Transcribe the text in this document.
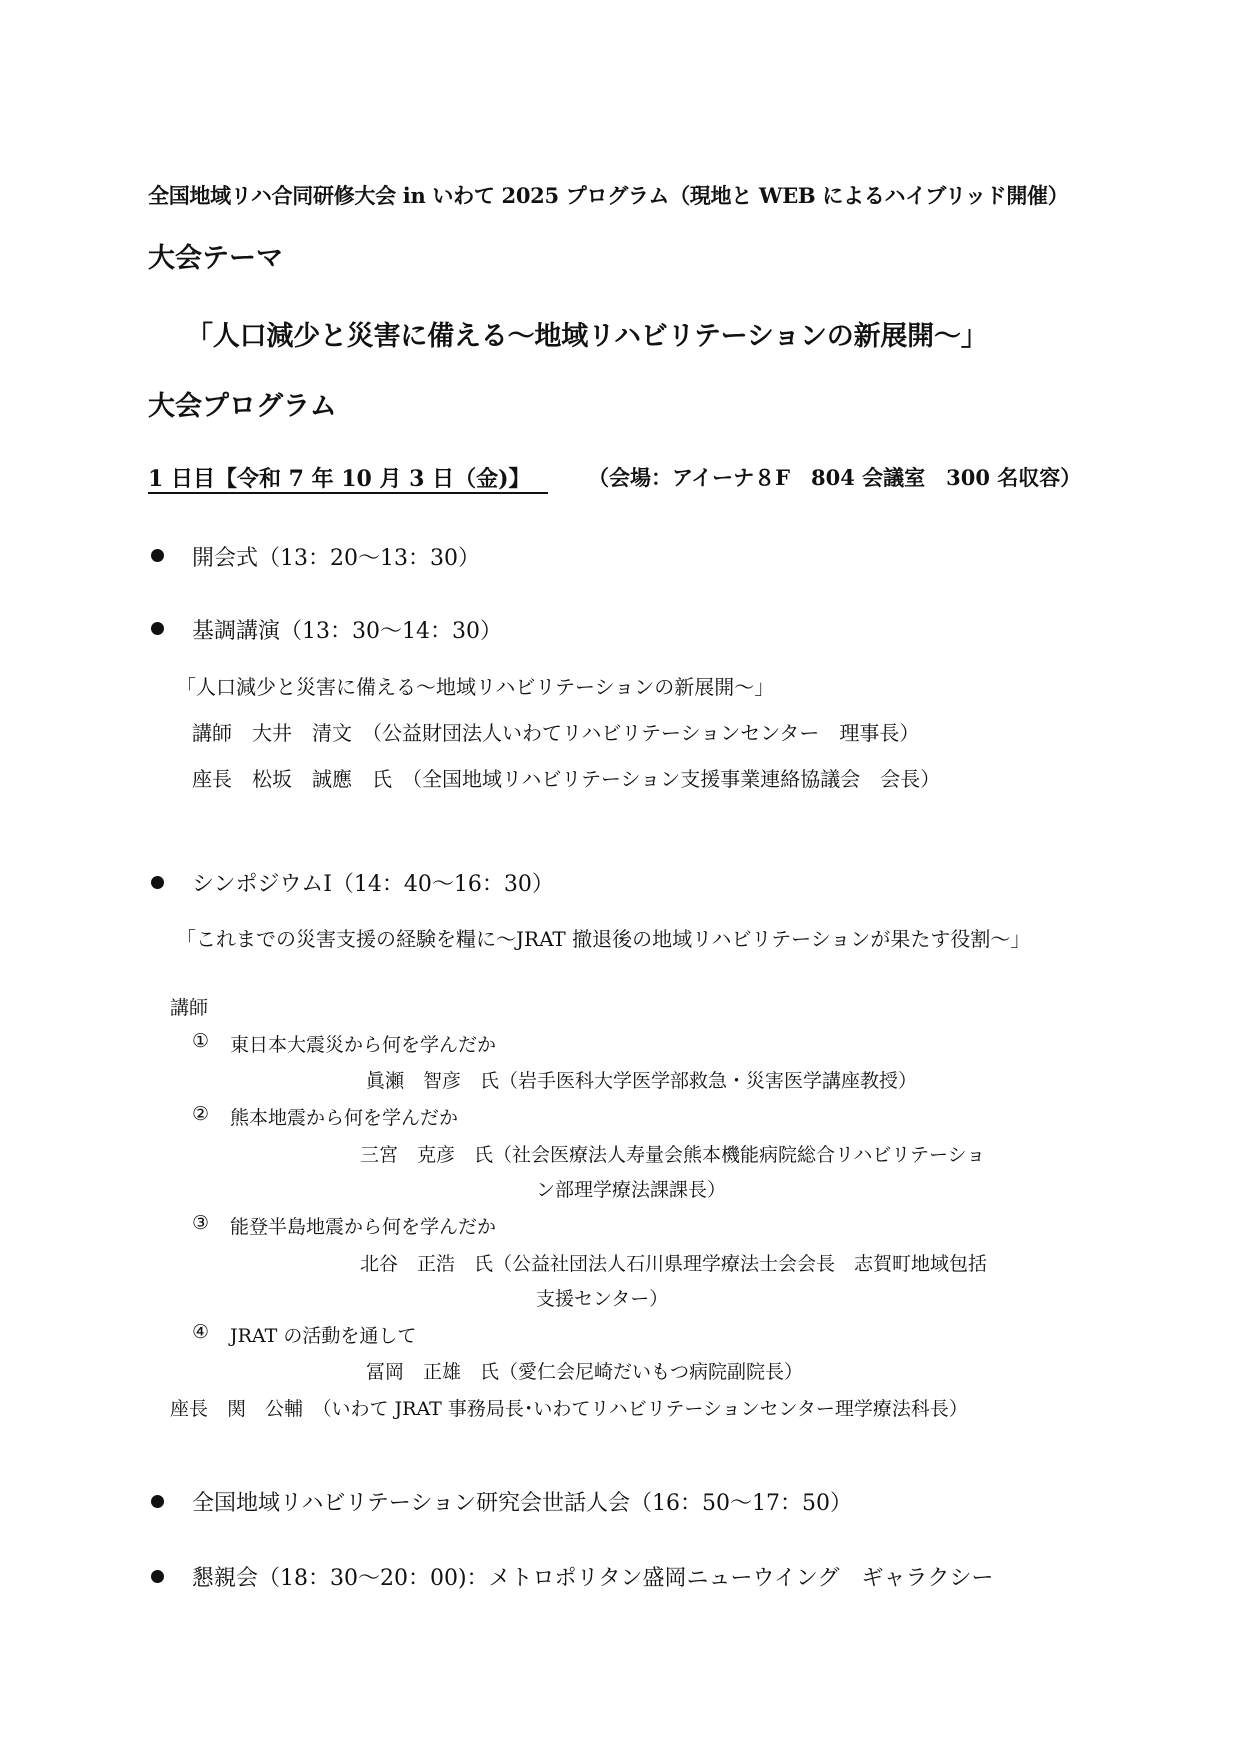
全国地域リハ合同研修大会 in いわて 2025 プログラム（現地と WEB によるハイブリッド開催）
大会テーマ
「人口減少と災害に備える～地域リハビリテーションの新展開～」
大会プログラム
1 日目【令和 7 年 10 月 3 日（金)】	（会場：アイーナ８F　804 会議室　300 名収容）
開会式（13：20～13：30）
基調講演（13：30～14：30）
「人口減少と災害に備える～地域リハビリテーションの新展開～」
講師　大井　清文　（公益財団法人いわてリハビリテーションセンター　理事長）
座長　松坂　誠應　氏　（全国地域リハビリテーション支援事業連絡協議会　会長）
シンポジウムⅠ（14：40～16：30）
「これまでの災害支援の経験を糧に～JRAT 撤退後の地域リハビリテーションが果たす役割～」
講師
① 東日本大震災から何を学んだか
眞瀬　智彦　氏（岩手医科大学医学部救急・災害医学講座教授）
② 熊本地震から何を学んだか
三宮　克彦　氏（社会医療法人寿量会熊本機能病院総合リハビリテーショ
ン部理学療法課課長）
③ 能登半島地震から何を学んだか
北谷　正浩　氏（公益社団法人石川県理学療法士会会長　志賀町地域包括
支援センター）
④ JRAT の活動を通して
冨岡　正雄　氏（愛仁会尼崎だいもつ病院副院長）
座長　関　公輔　（いわて JRAT 事務局長･いわてリハビリテーションセンター理学療法科長）
全国地域リハビリテーション研究会世話人会（16：50～17：50）
懇親会（18：30～20：00)：メトロポリタン盛岡ニューウイング　ギャラクシー
